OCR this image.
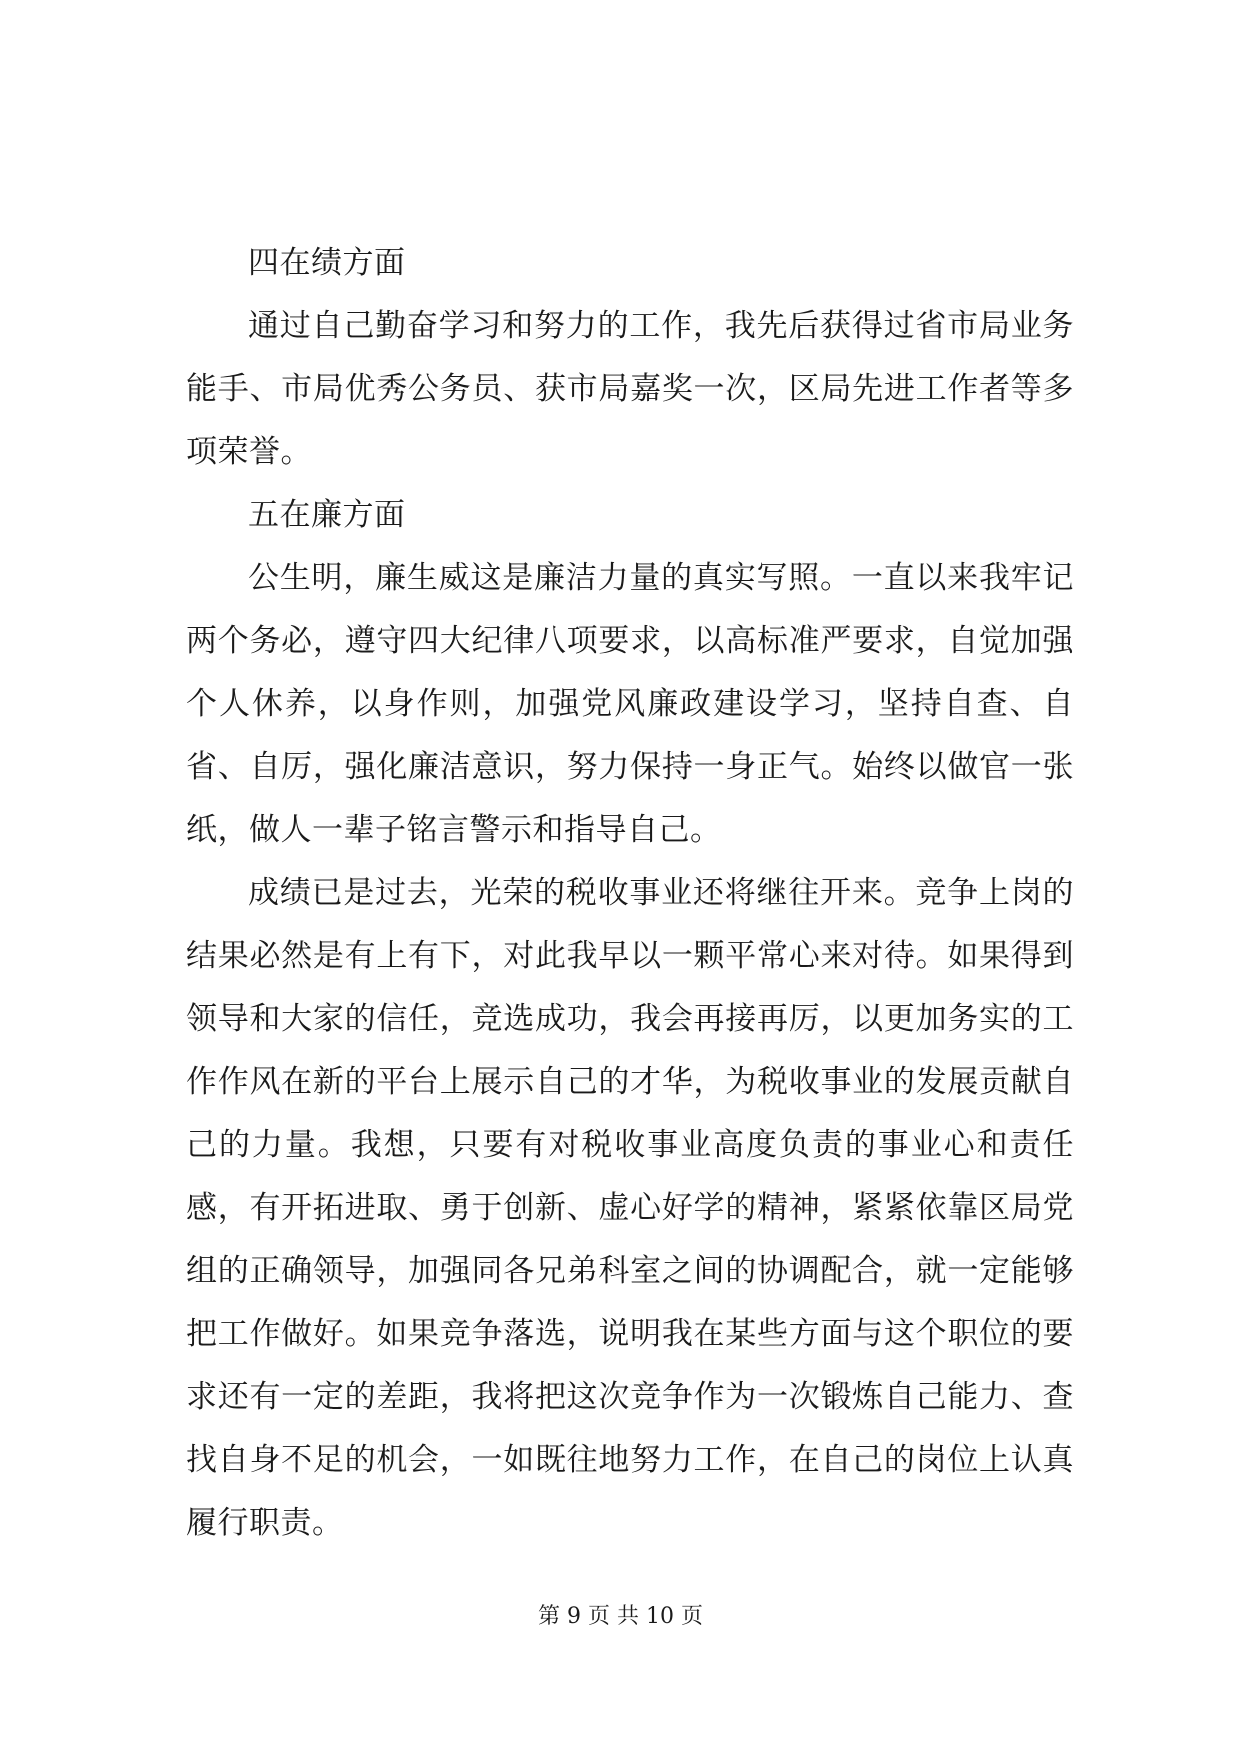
四在绩方面

通过自己勤奋学习和努力的工作，我先后获得过省市局业务能手、市局优秀公务员、获市局嘉奖一次，区局先进工作者等多项荣誉。

五在廉方面

公生明，廉生威这是廉洁力量的真实写照。一直以来我牢记两个务必，遵守四大纪律八项要求，以高标准严要求，自觉加强个人休养，以身作则，加强党风廉政建设学习，坚持自查、自省、自厉，强化廉洁意识，努力保持一身正气。始终以做官一张纸，做人一辈子铭言警示和指导自己。

成绩已是过去，光荣的税收事业还将继往开来。竞争上岗的结果必然是有上有下，对此我早以一颗平常心来对待。如果得到领导和大家的信任，竞选成功，我会再接再厉，以更加务实的工作作风在新的平台上展示自己的才华，为税收事业的发展贡献自己的力量。我想，只要有对税收事业高度负责的事业心和责任感，有开拓进取、勇于创新、虚心好学的精神，紧紧依靠区局党组的正确领导，加强同各兄弟科室之间的协调配合，就一定能够把工作做好。如果竞争落选，说明我在某些方面与这个职位的要求还有一定的差距，我将把这次竞争作为一次锻炼自己能力、查找自身不足的机会，一如既往地努力工作，在自己的岗位上认真履行职责。

第 9 页 共 10 页
